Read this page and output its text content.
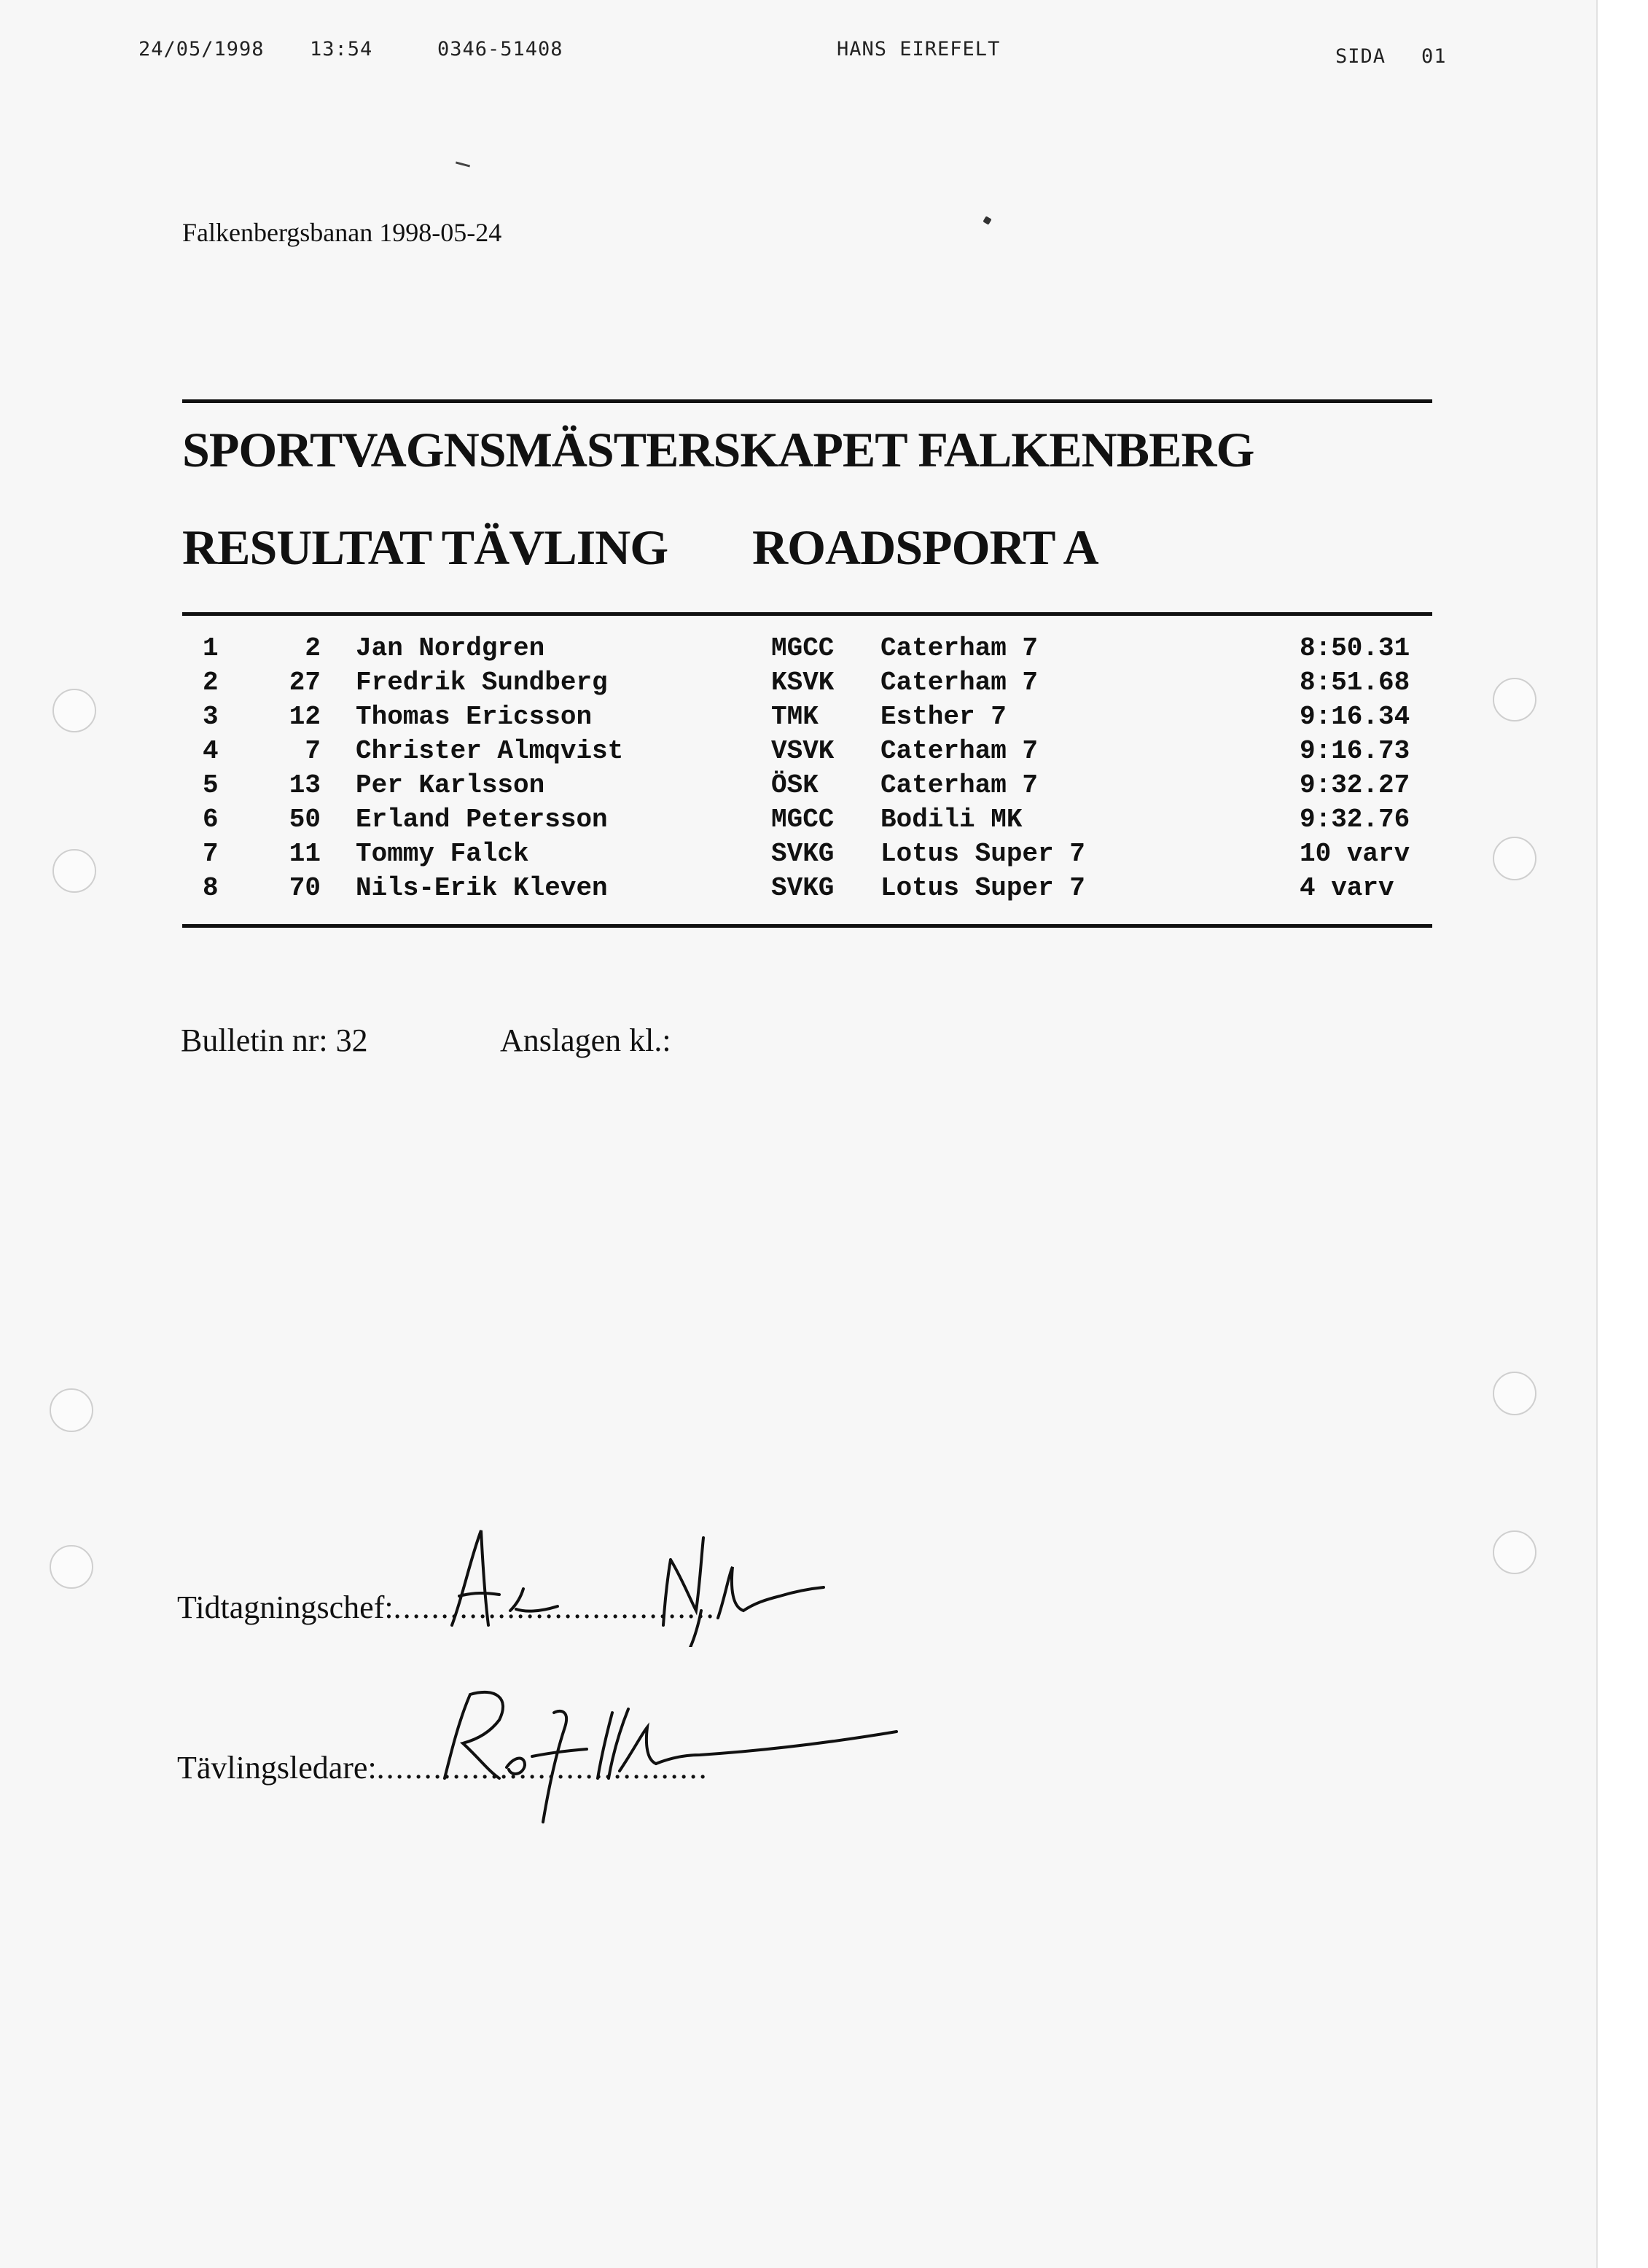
24/05/1998 13:54	0346-51408	HANS EIREFELT	SIDA 01
Falkenbergsbanan 1998-05-24
SPORTVAGNSMÄSTERSKAPET FALKENBERG
RESULTAT TÄVLING ROADSPORT A
1	2	Jan Nordgren	MGCC	Caterham 7	8:50.31
2	27	Fredrik Sundberg	KSVK	Caterham 7	8:51.68
3	12	Thomas Ericsson	TMK	Esther 7	9:16.34
4	7	Christer Almqvist	VSVK	Caterham 7	9:16.73
5	13	Per Karlsson	ÖSK	Caterham 7	9:32.27
6	50	Erland Petersson	MGCC	Bodili MK	9:32.76
7	11	Tommy Falck	SVKG	Lotus Super 7	10 varv
8	70	Nils-Erik Kleven	SVKG	Lotus Super 7	4 varv
Bulletin nr: 32	Anslagen kl.:
Tidtagningschef:..................................
Tävlingsledare:...................................
